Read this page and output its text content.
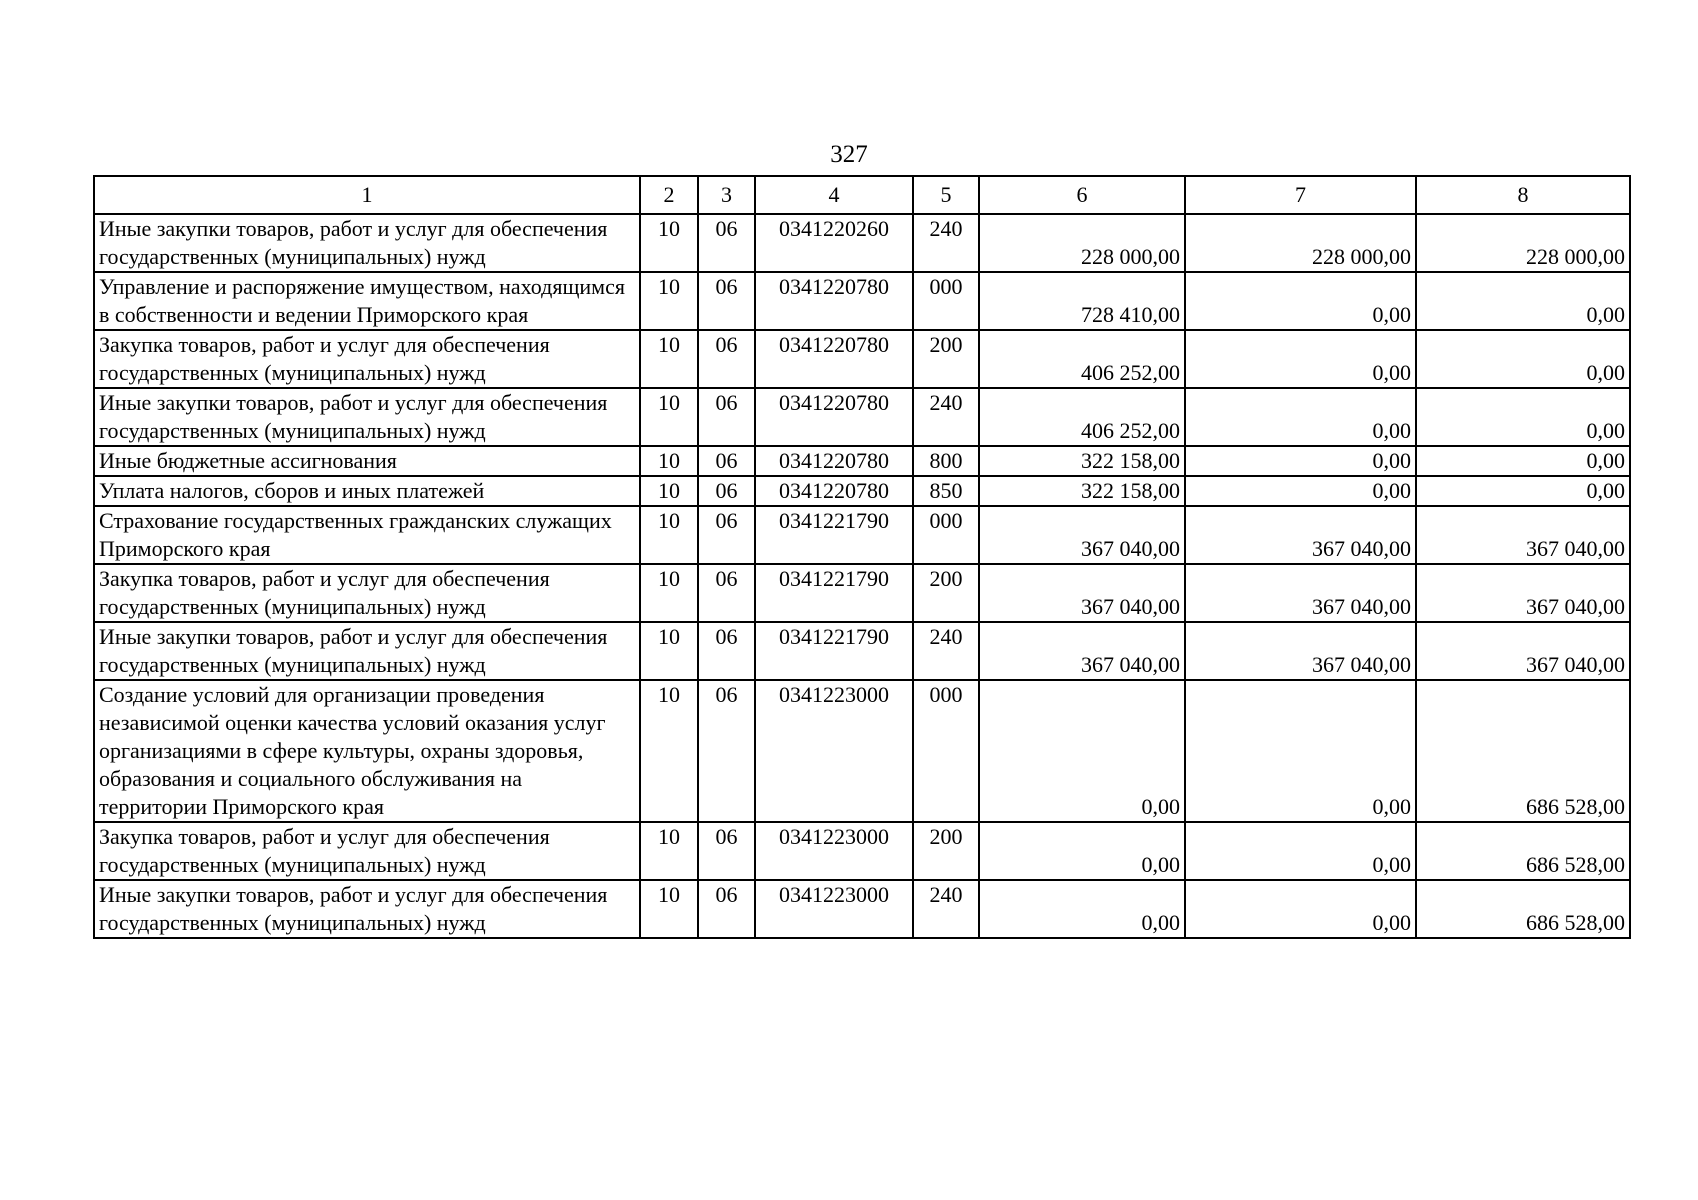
327
1	2	3	4	5	6	7	8
Иные закупки товаров, работ и услуг для обеспечения государственных (муниципальных) нужд	10	06	0341220260	240	228 000,00	228 000,00	228 000,00
Управление и распоряжение имуществом, находящимся в собственности и ведении Приморского края	10	06	0341220780	000	728 410,00	0,00	0,00
Закупка товаров, работ и услуг для обеспечения государственных (муниципальных) нужд	10	06	0341220780	200	406 252,00	0,00	0,00
Иные закупки товаров, работ и услуг для обеспечения государственных (муниципальных) нужд	10	06	0341220780	240	406 252,00	0,00	0,00
Иные бюджетные ассигнования	10	06	0341220780	800	322 158,00	0,00	0,00
Уплата налогов, сборов и иных платежей	10	06	0341220780	850	322 158,00	0,00	0,00
Страхование государственных гражданских служащих Приморского края	10	06	0341221790	000	367 040,00	367 040,00	367 040,00
Закупка товаров, работ и услуг для обеспечения государственных (муниципальных) нужд	10	06	0341221790	200	367 040,00	367 040,00	367 040,00
Иные закупки товаров, работ и услуг для обеспечения государственных (муниципальных) нужд	10	06	0341221790	240	367 040,00	367 040,00	367 040,00
Создание условий для организации проведения независимой оценки качества условий оказания услуг организациями в сфере культуры, охраны здоровья, образования и социального обслуживания на территории Приморского края	10	06	0341223000	000	0,00	0,00	686 528,00
Закупка товаров, работ и услуг для обеспечения государственных (муниципальных) нужд	10	06	0341223000	200	0,00	0,00	686 528,00
Иные закупки товаров, работ и услуг для обеспечения государственных (муниципальных) нужд	10	06	0341223000	240	0,00	0,00	686 528,00
